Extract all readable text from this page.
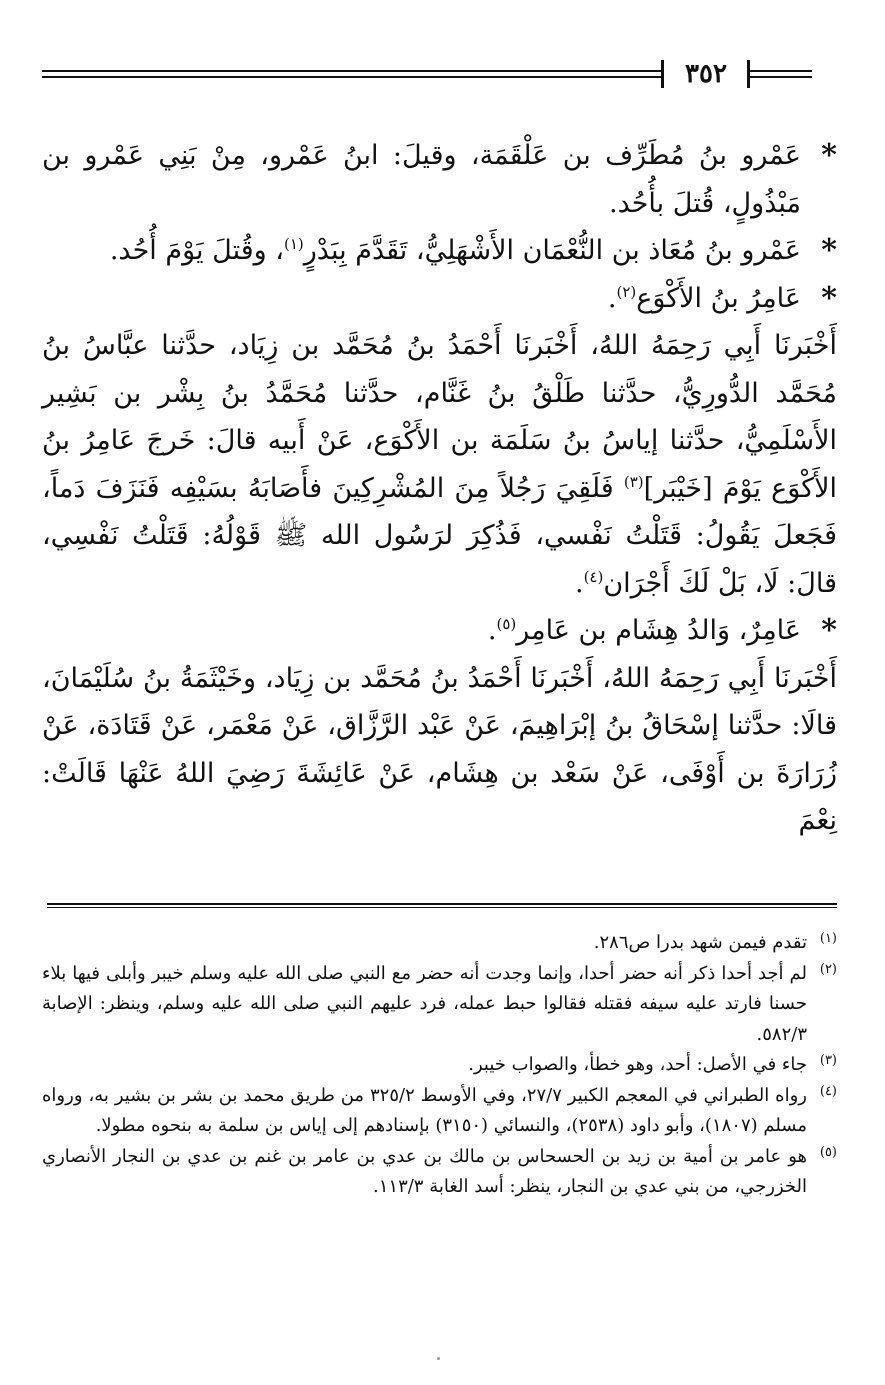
٣٥٢
*

عَمْرو بنُ مُطَرِّف بن عَلْقَمَة، وقيلَ: ابنُ عَمْرو، مِنْ بَنِي عَمْرو بن مَبْذُولٍ، قُتلَ بأُحُد.

*

عَمْرو بنُ مُعَاذ بن النُّعْمَان الأَشْهَلِيُّ، تَقَدَّمَ بِبَدْرٍ$^{(١)}$، وقُتلَ يَوْمَ أُحُد.

*

عَامِرُ بنُ الأَكْوَع$^{(٢)}$.

أَخْبَرنَا أَبِي رَحِمَهُ اللهُ، أَخْبَرنَا أَحْمَدُ بنُ مُحَمَّد بن زِيَاد، حدَّثنا عبَّاسُ بنُ مُحَمَّد الدُّورِيُّ، حدَّثنا طَلْقُ بنُ غَنَّام، حدَّثنا مُحَمَّدُ بنُ بِشْر بن بَشِير الأَسْلَمِيُّ، حدَّثنا إياسُ بنُ سَلَمَة بن الأَكْوَع، عَنْ أَبيه قالَ: خَرجَ عَامِرُ بنُ الأَكْوَع يَوْمَ [خَيْبَر]$^{(٣)}$ فَلَقِيَ رَجُلاً مِنَ المُشْرِكِينَ فأَصَابَهُ بسَيْفِه فَنَزَفَ دَماً، فَجَعلَ يَقُولُ: قَتَلْتُ نَفْسي، فَذُكِرَ لرَسُول الله ﷺ قَوْلُهُ: قَتَلْتُ نَفْسِي، قالَ: لَا، بَلْ لَكَ أَجْرَان$^{(٤)}$.

*

عَامِرٌ، وَالدُ هِشَام بن عَامِر$^{(٥)}$.

أَخْبَرنَا أَبِي رَحِمَهُ اللهُ، أَخْبَرنَا أَحْمَدُ بنُ مُحَمَّد بن زِيَاد، وخَيْثَمَةُ بنُ سُلَيْمَانَ، قالَا: حدَّثنا إسْحَاقُ بنُ إبْرَاهِيمَ، عَنْ عَبْد الرَّزَّاق، عَنْ مَعْمَر، عَنْ قَتَادَة، عَنْ زُرَارَةَ بن أَوْفَى، عَنْ سَعْد بن هِشَام، عَنْ عَائِشَةَ رَضِيَ اللهُ عَنْهَا قَالَتْ: نِعْمَ

(١)
تقدم فيمن شهد بدرا ص٢٨٦.
(٢)
لم أجد أحدا ذكر أنه حضر أحدا، وإنما وجدت أنه حضر مع النبي صلى الله عليه وسلم خيبر وأبلى فيها بلاء حسنا فارتد عليه سيفه فقتله فقالوا حبط عمله، فرد عليهم النبي صلى الله عليه وسلم، وينظر: الإصابة ٥٨٢/٣.
(٣)
جاء في الأصل: أحد، وهو خطأ، والصواب خيبر.
(٤)
رواه الطبراني في المعجم الكبير ٢٧/٧، وفي الأوسط ٣٢٥/٢ من طريق محمد بن بشر بن بشير به، ورواه مسلم (١٨٠٧)، وأبو داود (٢٥٣٨)، والنسائي (٣١٥٠) بإسنادهم إلى إياس بن سلمة به بنحوه مطولا.
(٥)
هو عامر بن أمية بن زيد بن الحسحاس بن مالك بن عدي بن عامر بن غنم بن عدي بن النجار الأنصاري الخزرجي، من بني عدي بن النجار، ينظر: أسد الغابة ١١٣/٣.
